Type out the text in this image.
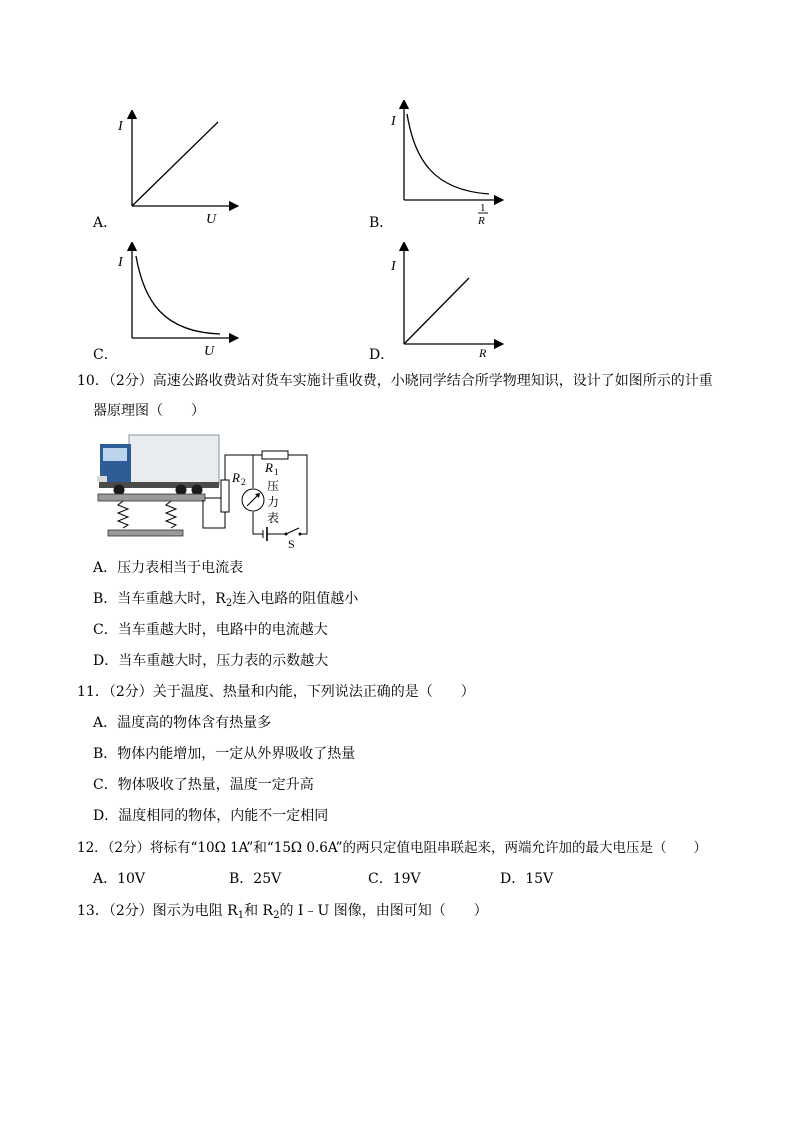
A．
I
U	B．
I
1
R
C．
I
U	D．
I
R
10．（2分）高速公路收费站对货车实施计重收费，小晓同学结合所学物理知识，设计了如图所示的计重
器原理图（　　）
R 2
R 1
压
力
表
S
A．压力表相当于电流表
B．当车重越大时，$R_2$连入电路的阻值越小
C．当车重越大时，电路中的电流越大
D．当车重越大时，压力表的示数越大
11．（2分）关于温度、热量和内能，下列说法正确的是（　　）
A．温度高的物体含有热量多
B．物体内能增加，一定从外界吸收了热量
C．物体吸收了热量，温度一定升高
D．温度相同的物体，内能不一定相同
12．（2分）将标有“10Ω 1A”和“15Ω 0.6A”的两只定值电阻串联起来，两端允许加的最大电压是（　　）
A．10V	B．25V	C．19V	D．15V
13．（2分）图示为电阻 $R_1$和 $R_2$的 I﹣U 图像，由图可知（　　）
